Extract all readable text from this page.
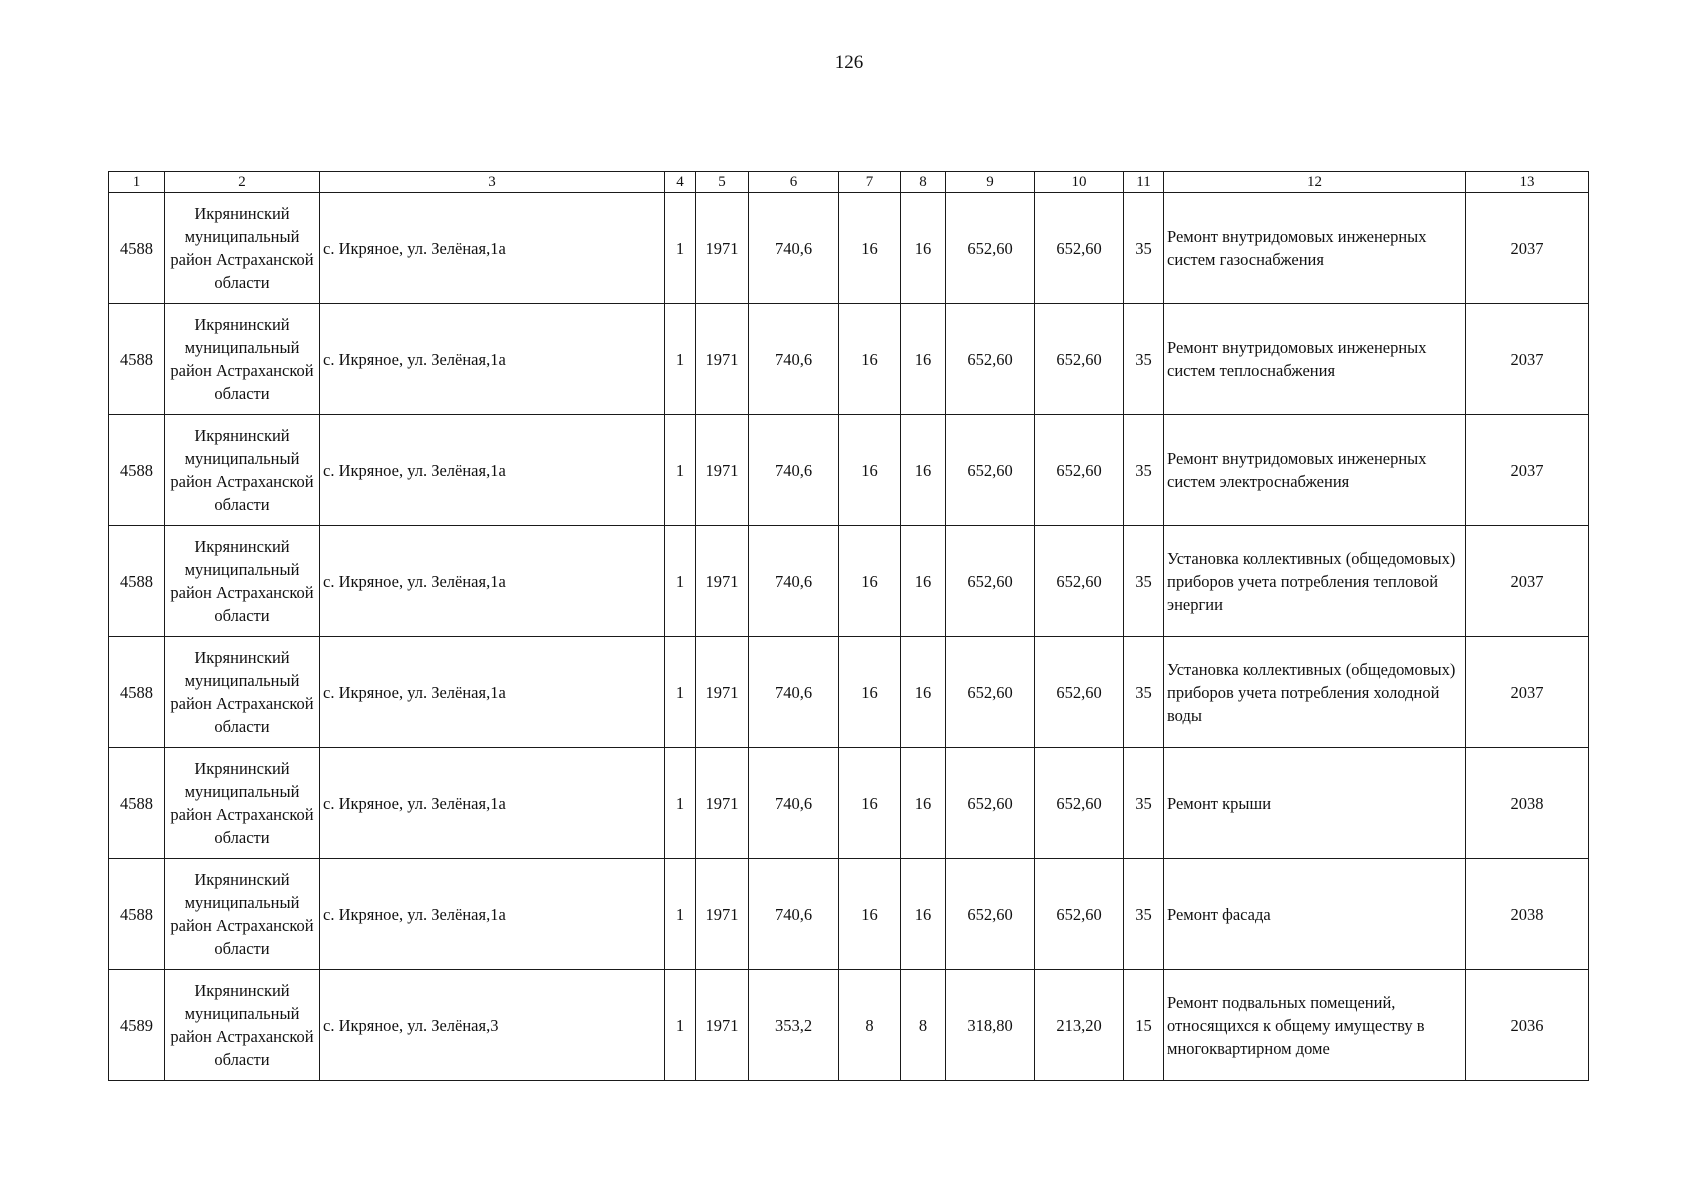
126
1	2	3	4	5	6	7	8	9	10	11	12	13
4588	Икрянинский муниципальный район Астраханской области	с. Икряное, ул. Зелёная,1а	1	1971	740,6	16	16	652,60	652,60	35	Ремонт внутридомовых инженерных систем газоснабжения	2037
4588	Икрянинский муниципальный район Астраханской области	с. Икряное, ул. Зелёная,1а	1	1971	740,6	16	16	652,60	652,60	35	Ремонт внутридомовых инженерных систем теплоснабжения	2037
4588	Икрянинский муниципальный район Астраханской области	с. Икряное, ул. Зелёная,1а	1	1971	740,6	16	16	652,60	652,60	35	Ремонт внутридомовых инженерных систем электроснабжения	2037
4588	Икрянинский муниципальный район Астраханской области	с. Икряное, ул. Зелёная,1а	1	1971	740,6	16	16	652,60	652,60	35	Установка коллективных (общедомовых) приборов учета потребления тепловой энергии	2037
4588	Икрянинский муниципальный район Астраханской области	с. Икряное, ул. Зелёная,1а	1	1971	740,6	16	16	652,60	652,60	35	Установка коллективных (общедомовых) приборов учета потребления холодной воды	2037
4588	Икрянинский муниципальный район Астраханской области	с. Икряное, ул. Зелёная,1а	1	1971	740,6	16	16	652,60	652,60	35	Ремонт крыши	2038
4588	Икрянинский муниципальный район Астраханской области	с. Икряное, ул. Зелёная,1а	1	1971	740,6	16	16	652,60	652,60	35	Ремонт фасада	2038
4589	Икрянинский муниципальный район Астраханской области	с. Икряное, ул. Зелёная,3	1	1971	353,2	8	8	318,80	213,20	15	Ремонт подвальных помещений, относящихся к общему имуществу в многоквартирном доме	2036
